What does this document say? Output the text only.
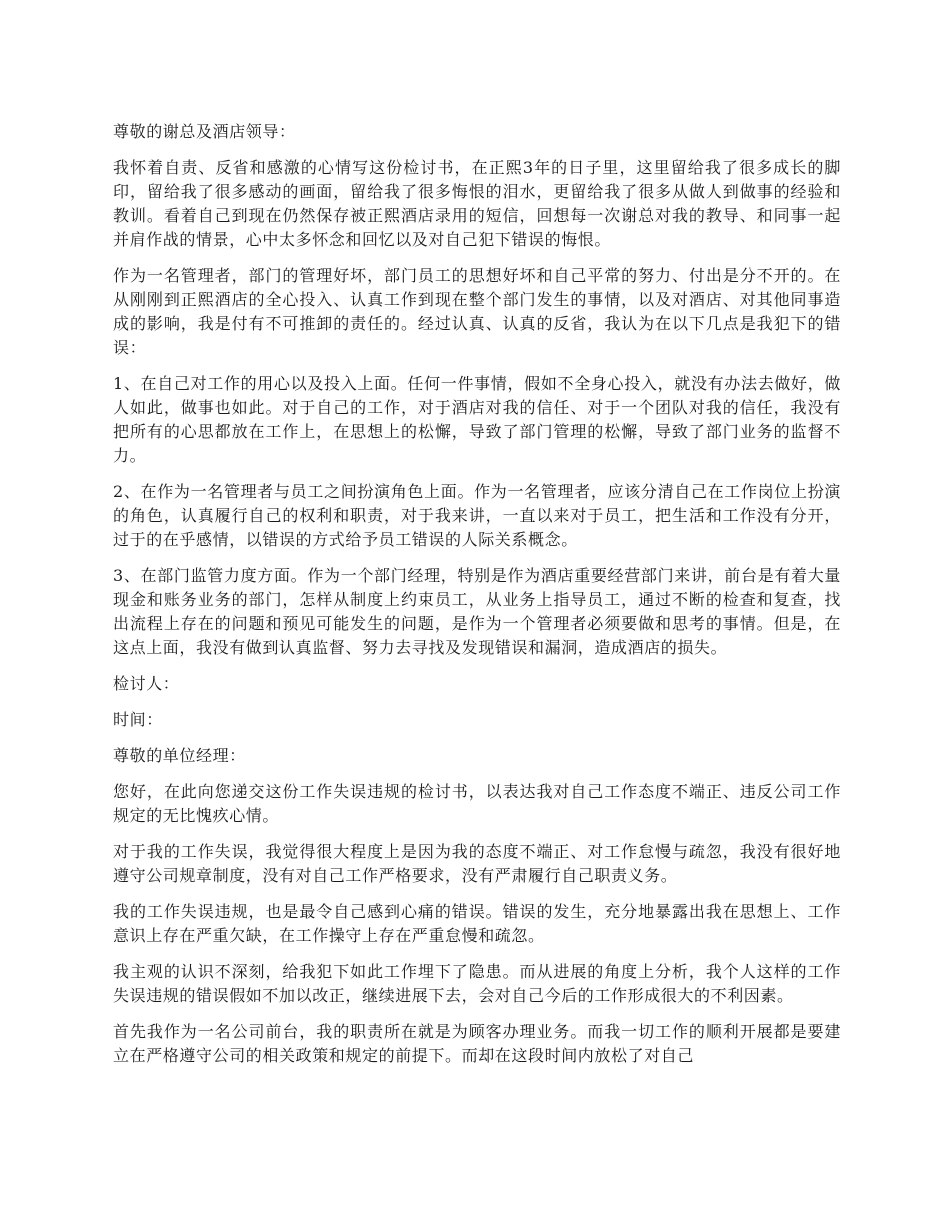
尊敬的谢总及酒店领导：

我怀着自责、反省和感激的心情写这份检讨书，在正熙3年的日子里，这里留给我了很多成长的脚印，留给我了很多感动的画面，留给我了很多悔恨的泪水，更留给我了很多从做人到做事的经验和教训。看着自己到现在仍然保存被正熙酒店录用的短信，回想每一次谢总对我的教导、和同事一起并肩作战的情景，心中太多怀念和回忆以及对自己犯下错误的悔恨。

作为一名管理者，部门的管理好坏，部门员工的思想好坏和自己平常的努力、付出是分不开的。在从刚刚到正熙酒店的全心投入、认真工作到现在整个部门发生的事情，以及对酒店、对其他同事造成的影响，我是付有不可推卸的责任的。经过认真、认真的反省，我认为在以下几点是我犯下的错误：

1、在自己对工作的用心以及投入上面。任何一件事情，假如不全身心投入，就没有办法去做好，做人如此，做事也如此。对于自己的工作，对于酒店对我的信任、对于一个团队对我的信任，我没有把所有的心思都放在工作上，在思想上的松懈，导致了部门管理的松懈，导致了部门业务的监督不力。

2、在作为一名管理者与员工之间扮演角色上面。作为一名管理者，应该分清自己在工作岗位上扮演的角色，认真履行自己的权利和职责，对于我来讲，一直以来对于员工，把生活和工作没有分开，过于的在乎感情，以错误的方式给予员工错误的人际关系概念。

3、在部门监管力度方面。作为一个部门经理，特别是作为酒店重要经营部门来讲，前台是有着大量现金和账务业务的部门，怎样从制度上约束员工，从业务上指导员工，通过不断的检查和复查，找出流程上存在的问题和预见可能发生的问题，是作为一个管理者必须要做和思考的事情。但是，在这点上面，我没有做到认真监督、努力去寻找及发现错误和漏洞，造成酒店的损失。

检讨人：

时间：

尊敬的单位经理：

您好，在此向您递交这份工作失误违规的检讨书，以表达我对自己工作态度不端正、违反公司工作规定的无比愧疚心情。

对于我的工作失误，我觉得很大程度上是因为我的态度不端正、对工作怠慢与疏忽，我没有很好地遵守公司规章制度，没有对自己工作严格要求，没有严肃履行自己职责义务。

我的工作失误违规，也是最令自己感到心痛的错误。错误的发生，充分地暴露出我在思想上、工作意识上存在严重欠缺，在工作操守上存在严重怠慢和疏忽。

我主观的认识不深刻，给我犯下如此工作埋下了隐患。而从进展的角度上分析，我个人这样的工作失误违规的错误假如不加以改正，继续进展下去，会对自己今后的工作形成很大的不利因素。

首先我作为一名公司前台，我的职责所在就是为顾客办理业务。而我一切工作的顺利开展都是要建立在严格遵守公司的相关政策和规定的前提下。而却在这段时间内放松了对自己
